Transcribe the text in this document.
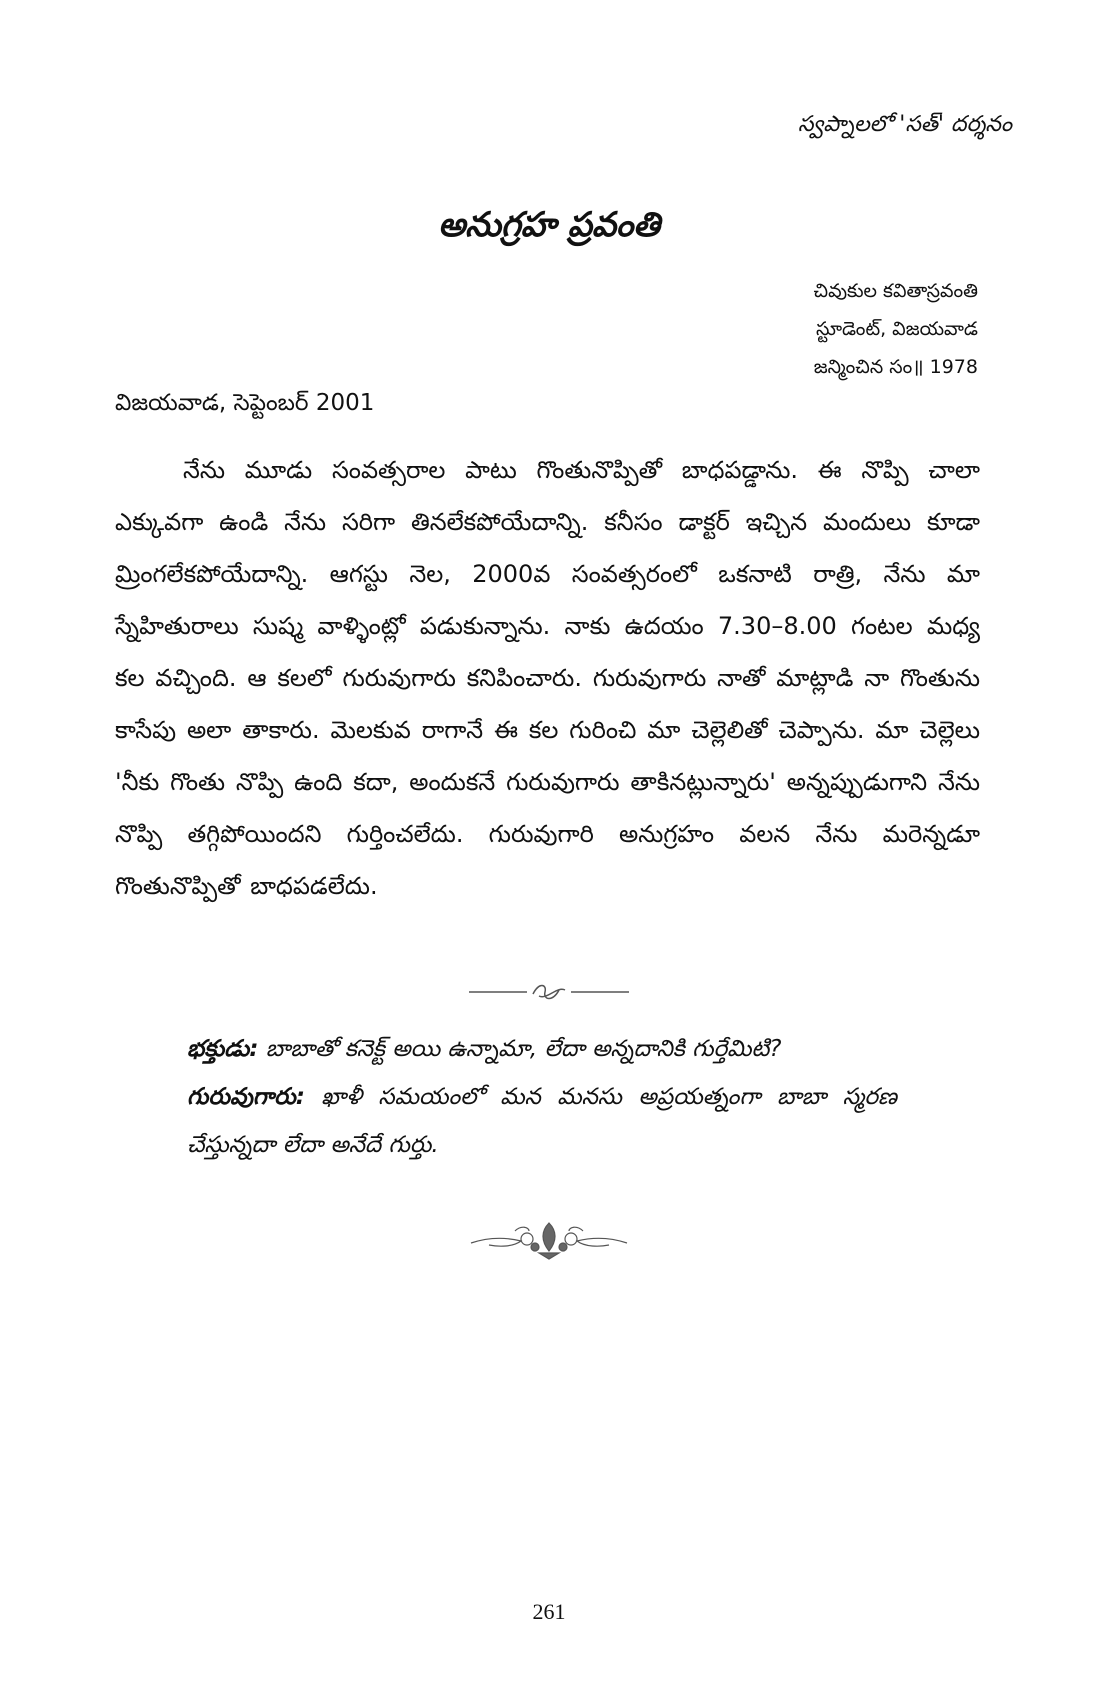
స్వప్నాలలో 'సత్' దర్శనం
అనుగ్రహ ప్రవంతి
చివుకుల కవితాస్రవంతి
స్టూడెంట్, విజయవాడ
జన్మించిన సం॥ 1978
విజయవాడ, సెప్టెంబర్ 2001

నేను మూడు సంవత్సరాల పాటు గొంతునొప్పితో బాధపడ్డాను. ఈ నొప్పి చాలా ఎక్కువగా ఉండి నేను సరిగా తినలేకపోయేదాన్ని. కనీసం డాక్టర్ ఇచ్చిన మందులు కూడా మ్రింగలేకపోయేదాన్ని. ఆగస్టు నెల, 2000వ సంవత్సరంలో ఒకనాటి రాత్రి, నేను మా స్నేహితురాలు సుష్మ వాళ్ళింట్లో పడుకున్నాను. నాకు ఉదయం 7.30–8.00 గంటల మధ్య కల వచ్చింది. ఆ కలలో గురువుగారు కనిపించారు. గురువుగారు నాతో మాట్లాడి నా గొంతును కాసేపు అలా తాకారు. మెలకువ రాగానే ఈ కల గురించి మా చెల్లెలితో చెప్పాను. మా చెల్లెలు 'నీకు గొంతు నొప్పి ఉంది కదా, అందుకనే గురువుగారు తాకినట్లున్నారు' అన్నప్పుడుగాని నేను నొప్పి తగ్గిపోయిందని గుర్తించలేదు. గురువుగారి అనుగ్రహం వలన నేను మరెన్నడూ గొంతునొప్పితో బాధపడలేదు.

భక్తుడు: బాబాతో కనెక్ట్ అయి ఉన్నామా, లేదా అన్నదానికి గుర్తేమిటి?

గురువుగారు: ఖాళీ సమయంలో మన మనసు అప్రయత్నంగా బాబా స్మరణ చేస్తున్నదా లేదా అనేదే గుర్తు.

261
